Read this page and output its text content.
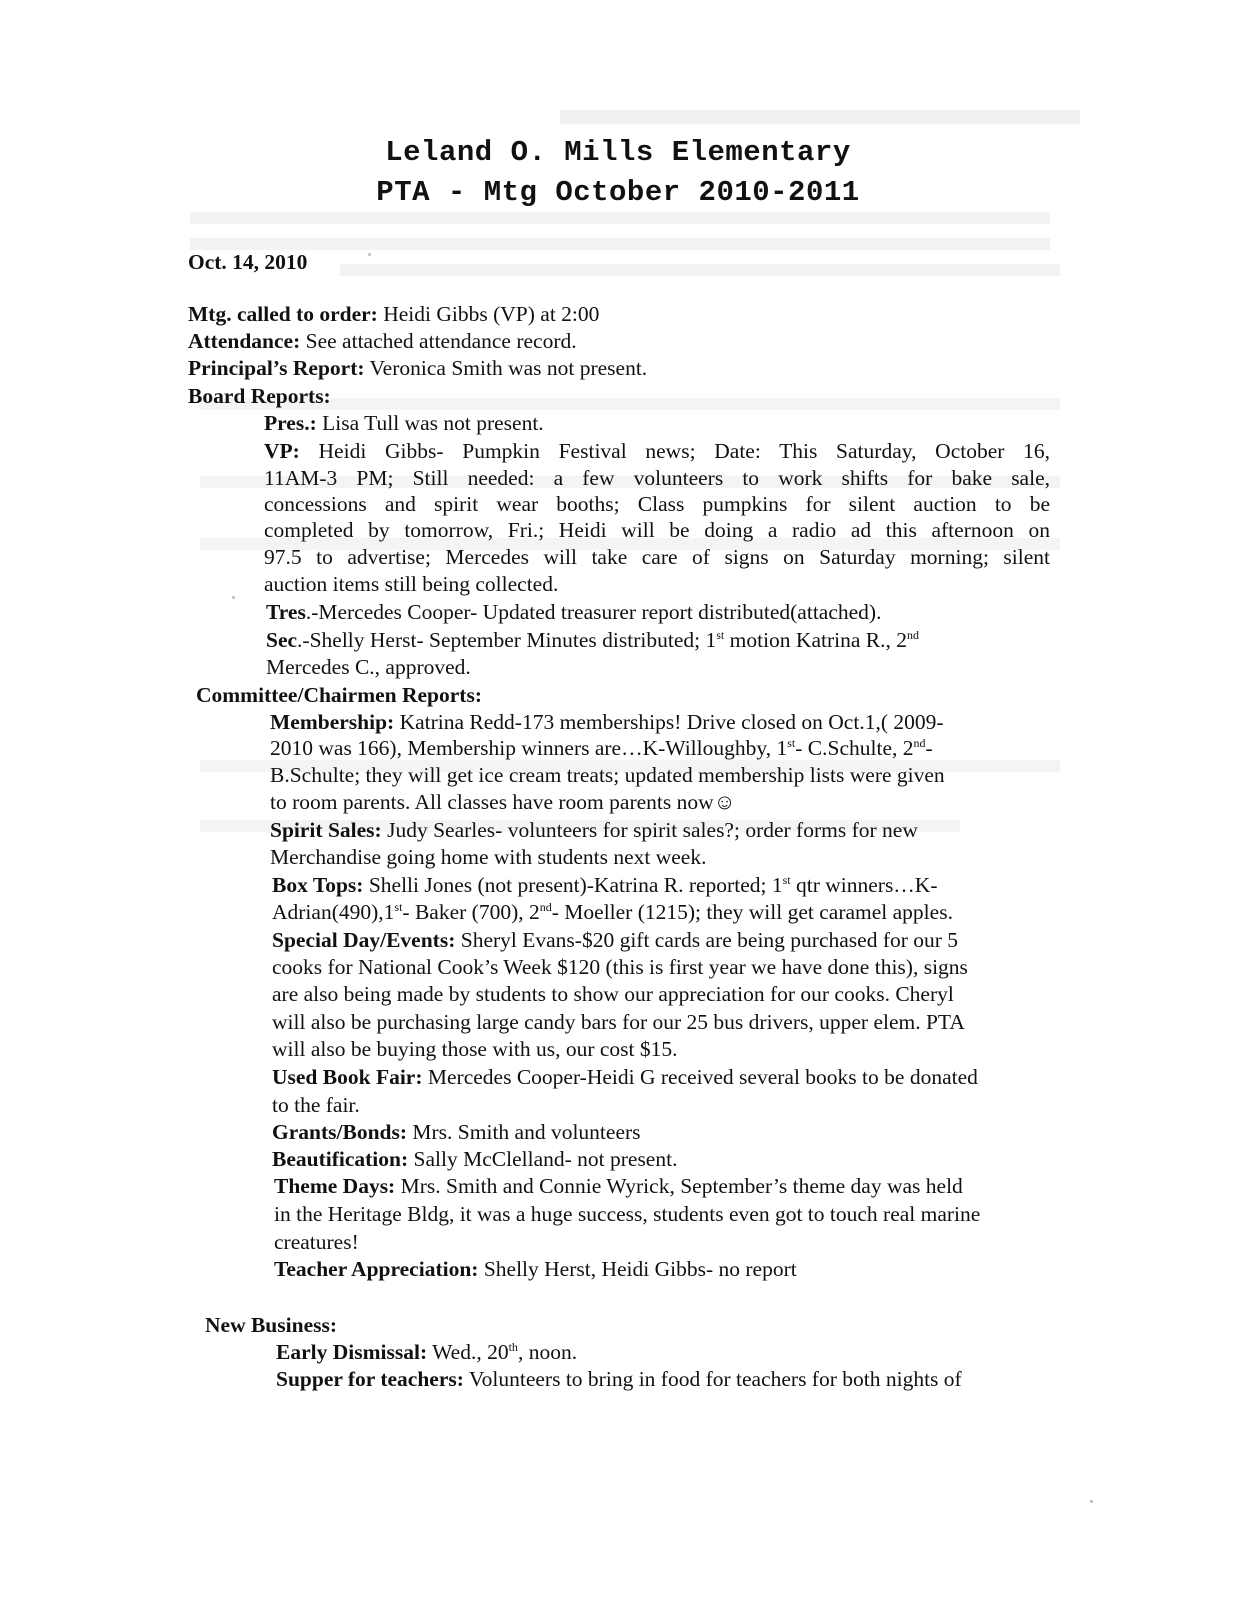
Leland O. Mills Elementary
PTA - Mtg October 2010-2011
Oct. 14, 2010
Mtg. called to order: Heidi Gibbs (VP) at 2:00
Attendance: See attached attendance record.
Principal’s Report: Veronica Smith was not present.
Board Reports:
Pres.: Lisa Tull was not present.
VP: Heidi Gibbs- Pumpkin Festival news; Date: This Saturday, October 16,
11AM-3 PM; Still needed: a few volunteers to work shifts for bake sale,
concessions and spirit wear booths; Class pumpkins for silent auction to be
completed by tomorrow, Fri.; Heidi will be doing a radio ad this afternoon on
97.5 to advertise; Mercedes will take care of signs on Saturday morning; silent
auction items still being collected.
Tres.-Mercedes Cooper- Updated treasurer report distributed(attached).
Sec.-Shelly Herst- September Minutes distributed; 1st motion Katrina R., 2nd
Mercedes C., approved.
Committee/Chairmen Reports:
Membership: Katrina Redd-173 memberships! Drive closed on Oct.1,( 2009-
2010 was 166), Membership winners are…K-Willoughby, 1st- C.Schulte, 2nd-
B.Schulte; they will get ice cream treats; updated membership lists were given
to room parents. All classes have room parents now☺
Spirit Sales: Judy Searles- volunteers for spirit sales?; order forms for new
Merchandise going home with students next week.
Box Tops: Shelli Jones (not present)-Katrina R. reported; 1st qtr winners…K-
Adrian(490),1st- Baker (700), 2nd- Moeller (1215); they will get caramel apples.
Special Day/Events: Sheryl Evans-$20 gift cards are being purchased for our 5
cooks for National Cook’s Week $120 (this is first year we have done this), signs
are also being made by students to show our appreciation for our cooks. Cheryl
will also be purchasing large candy bars for our 25 bus drivers, upper elem. PTA
will also be buying those with us, our cost $15.
Used Book Fair: Mercedes Cooper-Heidi G received several books to be donated
to the fair.
Grants/Bonds: Mrs. Smith and volunteers
Beautification: Sally McClelland- not present.
Theme Days: Mrs. Smith and Connie Wyrick, September’s theme day was held
in the Heritage Bldg, it was a huge success, students even got to touch real marine
creatures!
Teacher Appreciation: Shelly Herst, Heidi Gibbs- no report
New Business:
Early Dismissal: Wed., 20th, noon.
Supper for teachers: Volunteers to bring in food for teachers for both nights of
